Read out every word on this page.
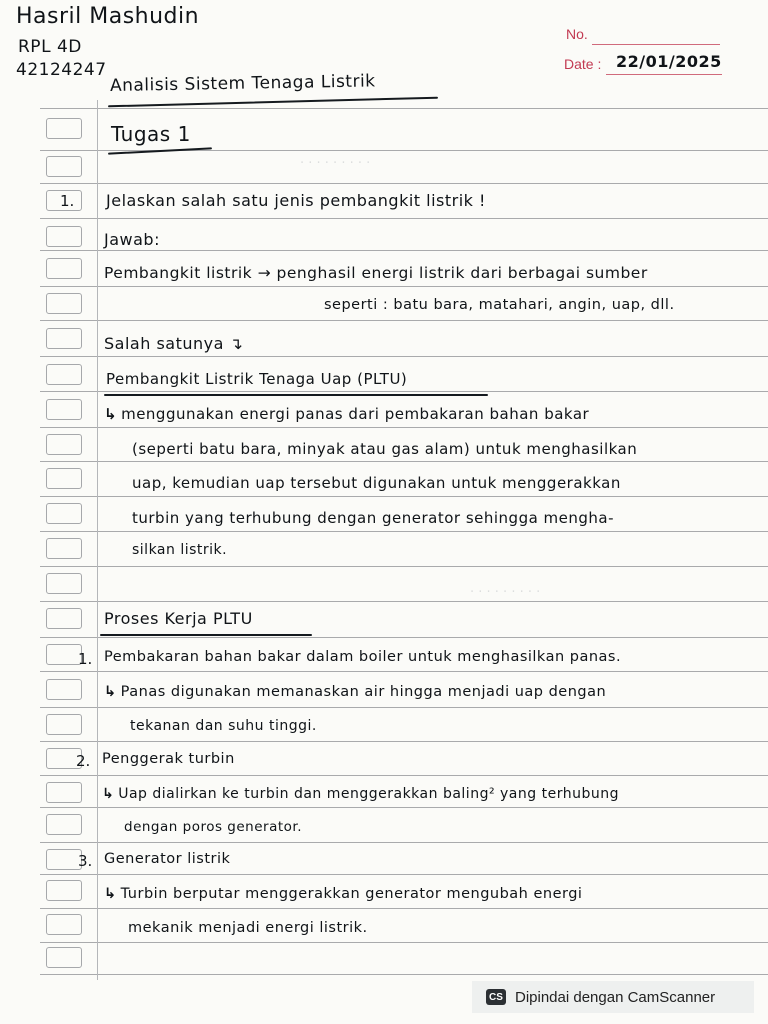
· · · · · · · · ·
· · · · · · · · ·
Hasril Mashudin
RPL 4D
42124247
No.
Date : 22/01/2025
Analisis Sistem Tenaga Listrik
Tugas 1
1. Jelaskan salah satu jenis pembangkit listrik !
Jawab:
Pembangkit listrik → penghasil energi listrik dari berbagai sumber
seperti : batu bara, matahari, angin, uap, dll.
Salah satunya ↴
Pembangkit Listrik Tenaga Uap (PLTU)
↳ menggunakan energi panas dari pembakaran bahan bakar
(seperti batu bara, minyak atau gas alam) untuk menghasilkan
uap, kemudian uap tersebut digunakan untuk menggerakkan
turbin yang terhubung dengan generator sehingga mengha-
silkan listrik.
Proses Kerja PLTU
1. Pembakaran bahan bakar dalam boiler untuk menghasilkan panas.
↳ Panas digunakan memanaskan air hingga menjadi uap dengan
tekanan dan suhu tinggi.
2. Penggerak turbin
↳ Uap dialirkan ke turbin dan menggerakkan baling² yang terhubung
dengan poros generator.
3. Generator listrik
↳ Turbin berputar menggerakkan generator mengubah energi
mekanik menjadi energi listrik.
CS Dipindai dengan CamScanner
